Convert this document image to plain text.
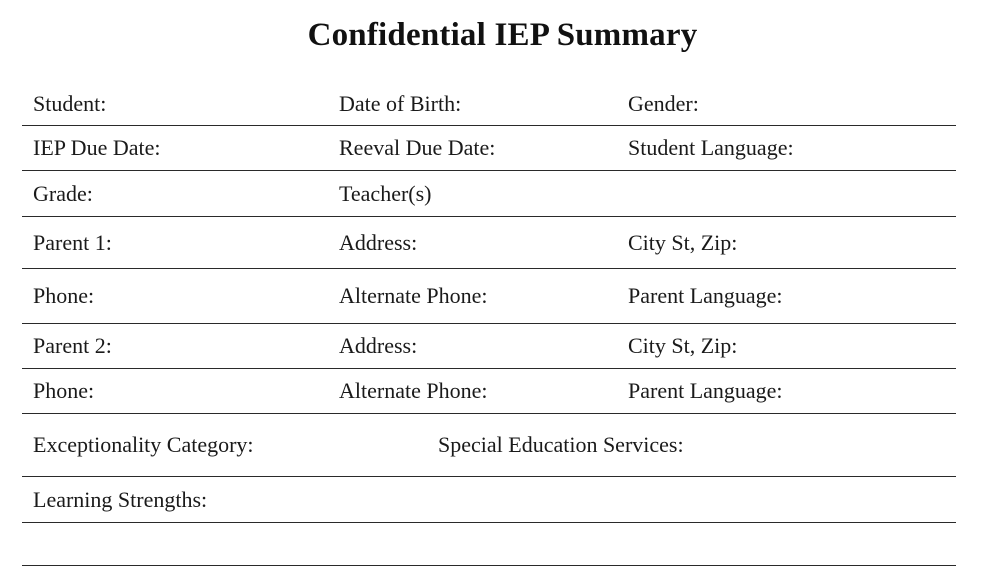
Confidential IEP Summary
Student:	Date of Birth:	Gender:
IEP Due Date:	Reeval Due Date:	Student Language:
Grade:	Teacher(s)
Parent 1:	Address:	City St, Zip:
Phone:	Alternate Phone:	Parent Language:
Parent 2:	Address:	City St, Zip:
Phone:	Alternate Phone:	Parent Language:
Exceptionality Category:	Special Education Services:
Learning Strengths:
